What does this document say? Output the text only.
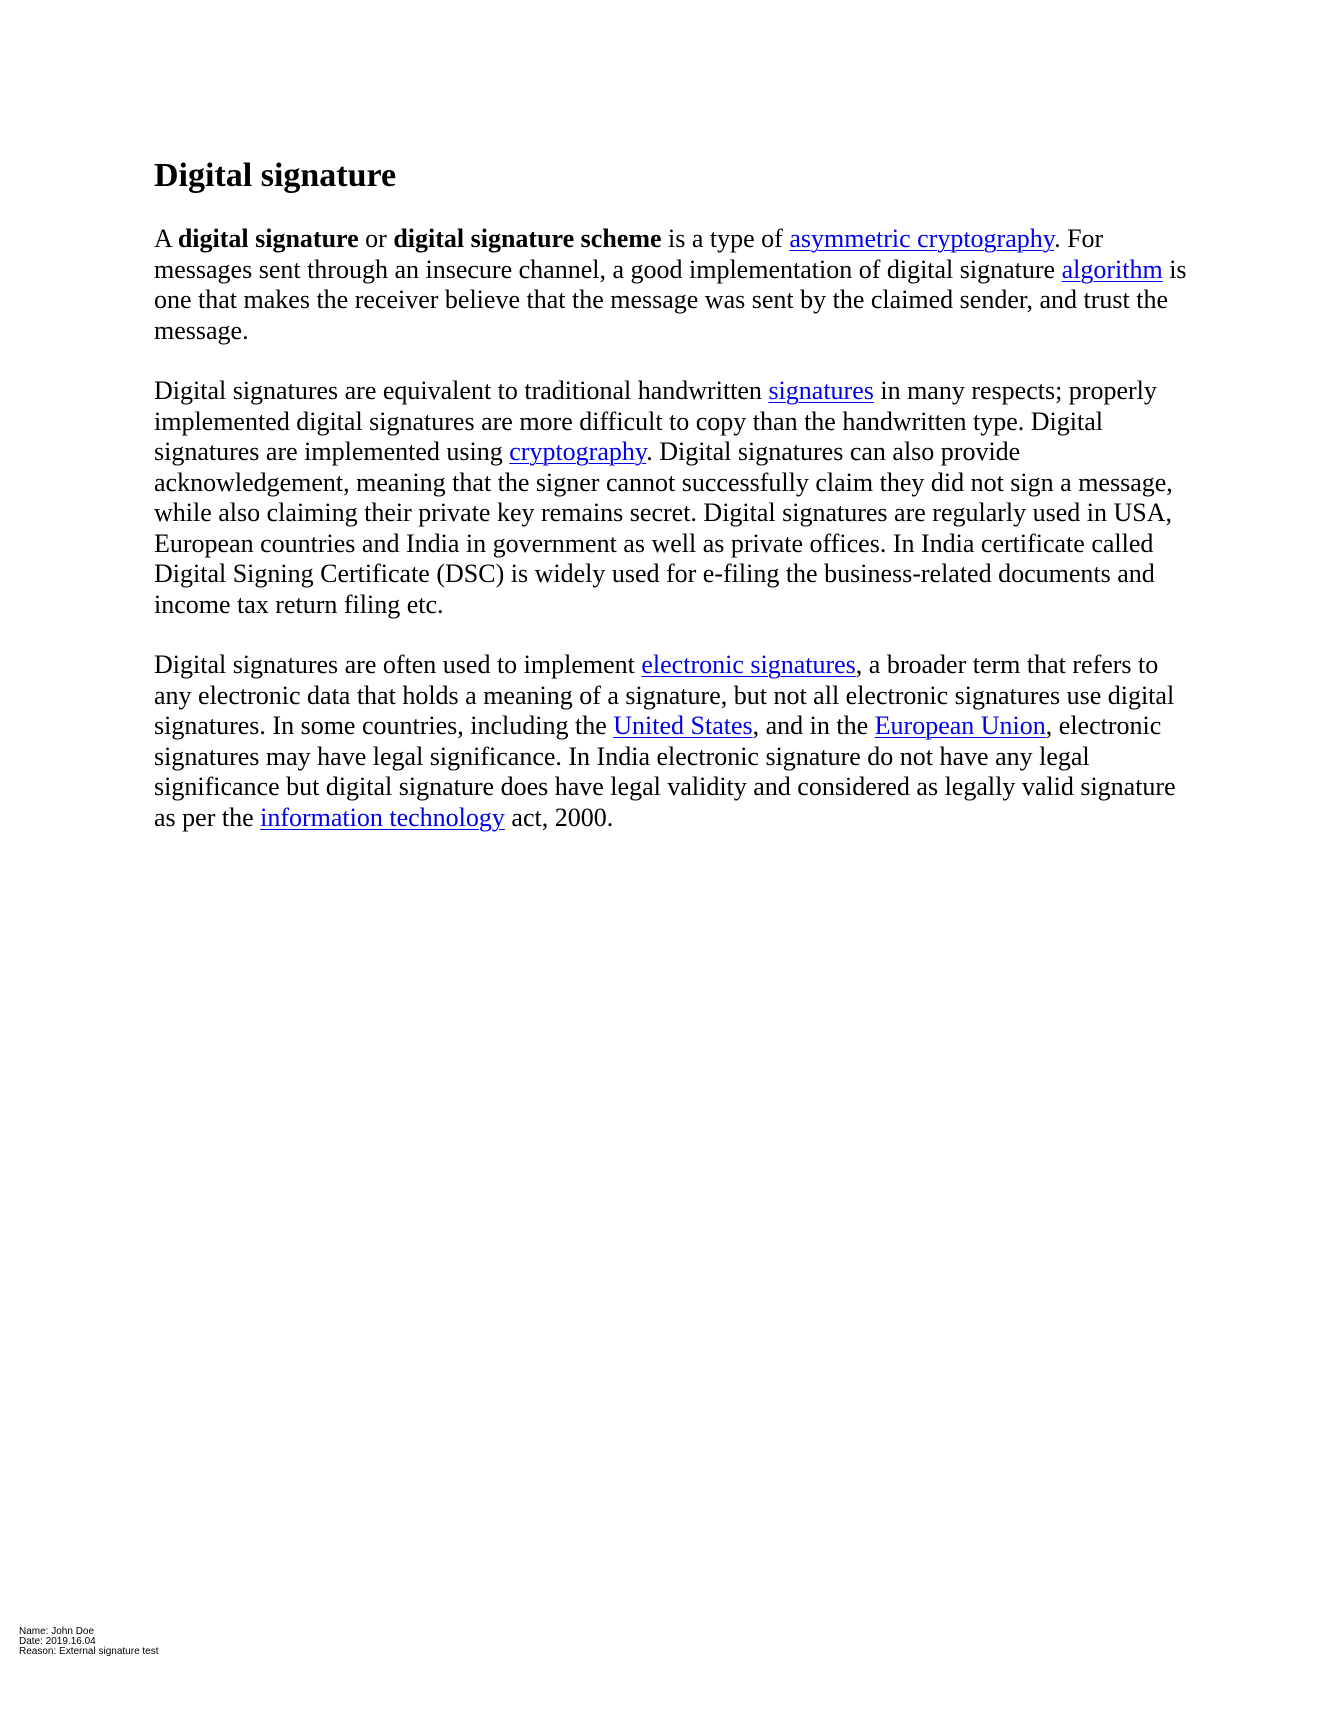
Digital signature

A digital signature or digital signature scheme is a type of asymmetric cryptography. For messages sent through an insecure channel, a good implementation of digital signature algorithm is one that makes the receiver believe that the message was sent by the claimed sender, and trust the message.

Digital signatures are equivalent to traditional handwritten signatures in many respects; properly implemented digital signatures are more difficult to copy than the handwritten type. Digital signatures are implemented using cryptography. Digital signatures can also provide acknowledgement, meaning that the signer cannot successfully claim they did not sign a message, while also claiming their private key remains secret. Digital signatures are regularly used in USA, European countries and India in government as well as private offices. In India certificate called Digital Signing Certificate (DSC) is widely used for e-filing the business-related documents and income tax return filing etc.

Digital signatures are often used to implement electronic signatures, a broader term that refers to any electronic data that holds a meaning of a signature, but not all electronic signatures use digital signatures. In some countries, including the United States, and in the European Union, electronic signatures may have legal significance. In India electronic signature do not have any legal significance but digital signature does have legal validity and considered as legally valid signature as per the information technology act, 2000.

Name: John Doe
Date: 2019.16.04
Reason: External signature test
